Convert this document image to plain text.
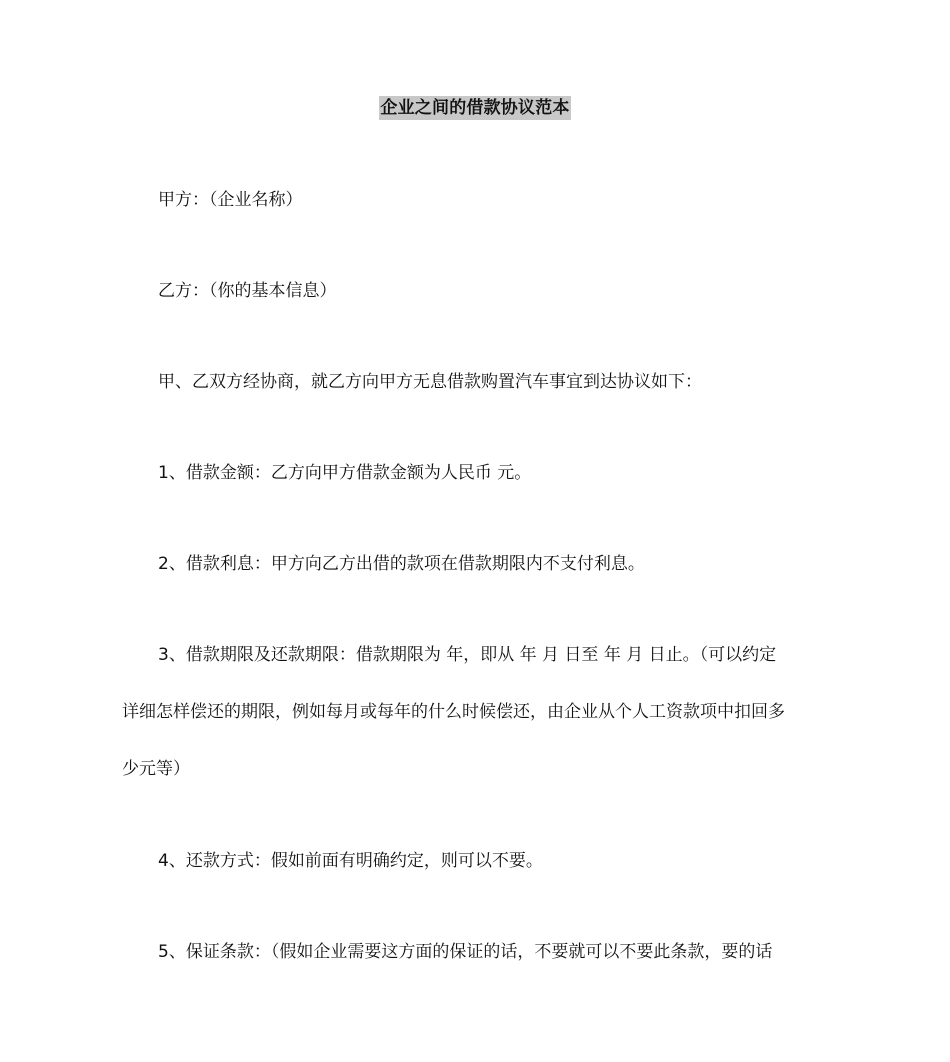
企业之间的借款协议范本

甲方：（企业名称）

乙方：（你的基本信息）

甲、乙双方经协商，就乙方向甲方无息借款购置汽车事宜到达协议如下：

1、借款金额：乙方向甲方借款金额为人民币 元。

2、借款利息：甲方向乙方出借的款项在借款期限内不支付利息。

3、借款期限及还款期限：借款期限为 年，即从 年 月 日至 年 月 日止。（可以约定
详细怎样偿还的期限，例如每月或每年的什么时候偿还，由企业从个人工资款项中扣回多
少元等）

4、还款方式：假如前面有明确约定，则可以不要。

5、保证条款：（假如企业需要这方面的保证的话，不要就可以不要此条款，要的话
